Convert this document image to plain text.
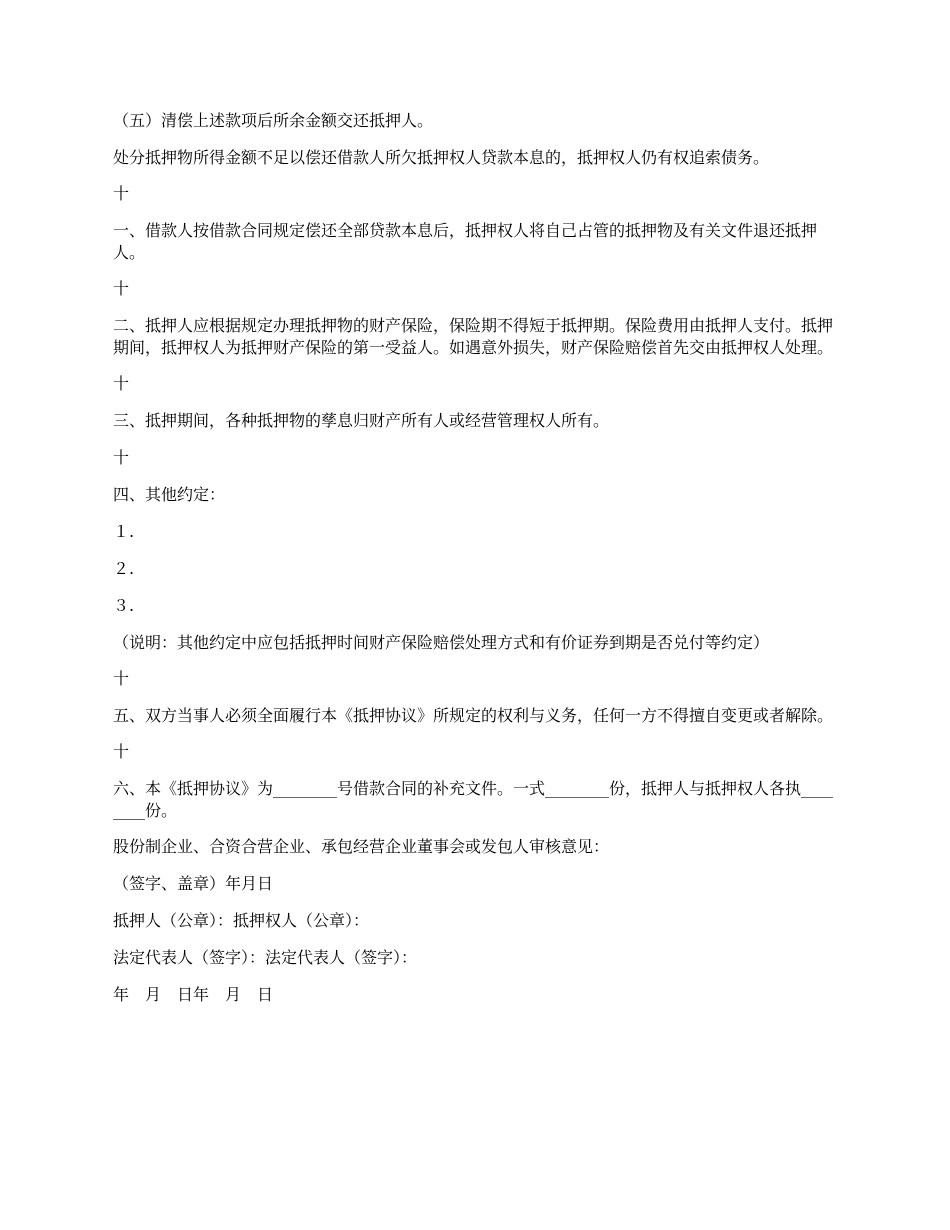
（五）清偿上述款项后所余金额交还抵押人。

处分抵押物所得金额不足以偿还借款人所欠抵押权人贷款本息的，抵押权人仍有权追索债务。

十

一、借款人按借款合同规定偿还全部贷款本息后，抵押权人将自己占管的抵押物及有关文件退还抵押人。

十

二、抵押人应根据规定办理抵押物的财产保险，保险期不得短于抵押期。保险费用由抵押人支付。抵押期间，抵押权人为抵押财产保险的第一受益人。如遇意外损失，财产保险赔偿首先交由抵押权人处理。

十

三、抵押期间，各种抵押物的孳息归财产所有人或经营管理权人所有。

十

四、其他约定：

１.

２.

３.

（说明：其他约定中应包括抵押时间财产保险赔偿处理方式和有价证券到期是否兑付等约定）

十

五、双方当事人必须全面履行本《抵押协议》所规定的权利与义务，任何一方不得擅自变更或者解除。

十

六、本《抵押协议》为________号借款合同的补充文件。一式________份，抵押人与抵押权人各执________份。

股份制企业、合资合营企业、承包经营企业董事会或发包人审核意见：

（签字、盖章）年月日

抵押人（公章）：抵押权人（公章）：

法定代表人（签字）：法定代表人（签字）：

年　月　日年　月　日
